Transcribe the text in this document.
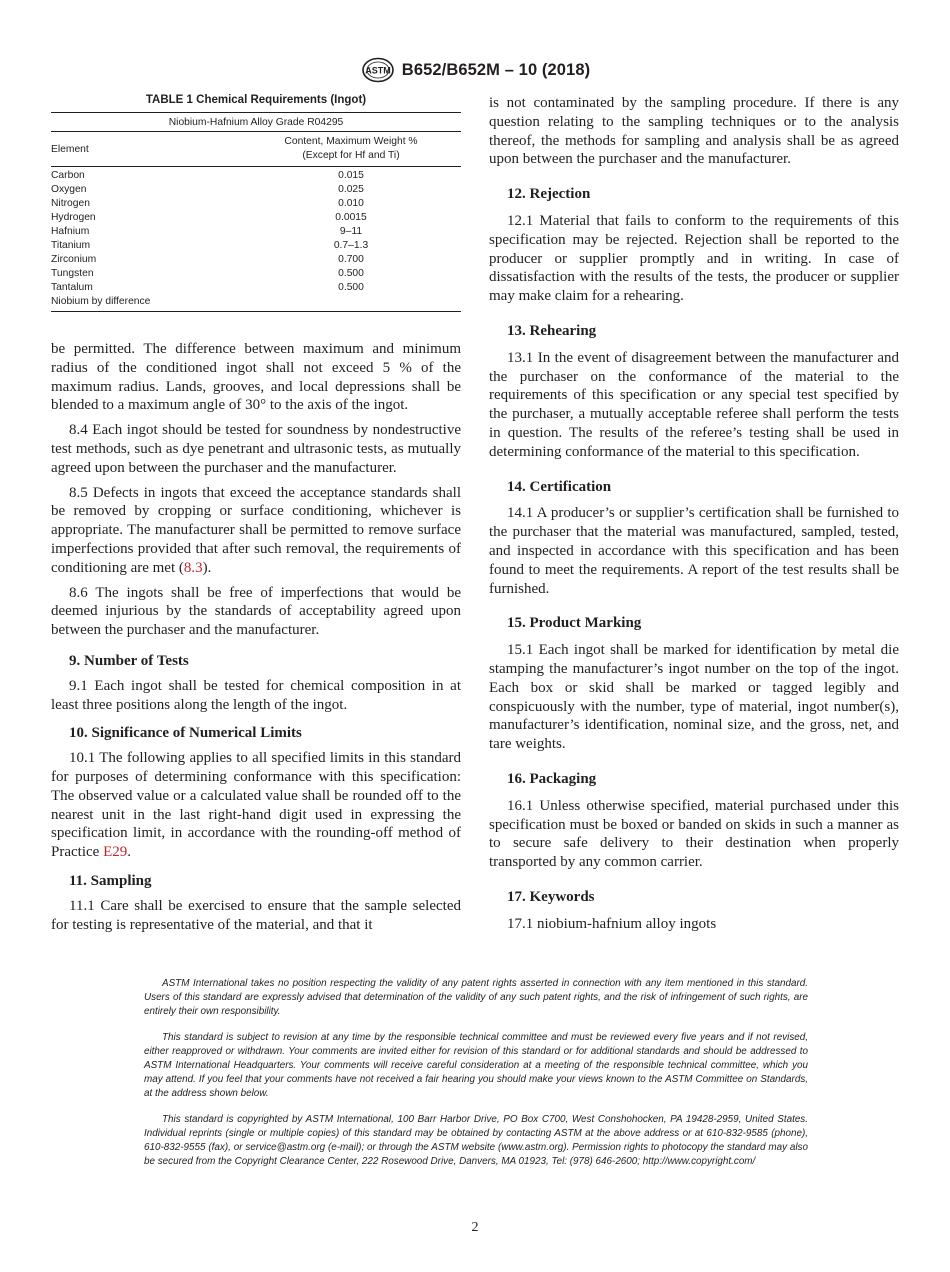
ASTM B652/B652M – 10 (2018)
TABLE 1 Chemical Requirements (Ingot)
Niobium-Hafnium Alloy Grade R04295
Element
Content, Maximum Weight %
(Except for Hf and Ti)
Carbon	0.015
Oxygen	0.025
Nitrogen	0.010
Hydrogen	0.0015
Hafnium	9–11
Titanium	0.7–1.3
Zirconium	0.700
Tungsten	0.500
Tantalum	0.500
Niobium by difference

be permitted. The difference between maximum and minimum radius of the conditioned ingot shall not exceed 5 % of the maximum radius. Lands, grooves, and local depressions shall be blended to a maximum angle of 30° to the axis of the ingot.

8.4 Each ingot should be tested for soundness by nondestructive test methods, such as dye penetrant and ultrasonic tests, as mutually agreed upon between the purchaser and the manufacturer.

8.5 Defects in ingots that exceed the acceptance standards shall be removed by cropping or surface conditioning, whichever is appropriate. The manufacturer shall be permitted to remove surface imperfections provided that after such removal, the requirements of conditioning are met (8.3).

8.6 The ingots shall be free of imperfections that would be deemed injurious by the standards of acceptability agreed upon between the purchaser and the manufacturer.

9. Number of Tests

9.1 Each ingot shall be tested for chemical composition in at least three positions along the length of the ingot.

10. Significance of Numerical Limits

10.1 The following applies to all specified limits in this standard for purposes of determining conformance with this specification: The observed value or a calculated value shall be rounded off to the nearest unit in the last right-hand digit used in expressing the specification limit, in accordance with the rounding-off method of Practice E29.

11. Sampling

11.1 Care shall be exercised to ensure that the sample selected for testing is representative of the material, and that it

is not contaminated by the sampling procedure. If there is any question relating to the sampling techniques or to the analysis thereof, the methods for sampling and analysis shall be as agreed upon between the purchaser and the manufacturer.

12. Rejection

12.1 Material that fails to conform to the requirements of this specification may be rejected. Rejection shall be reported to the producer or supplier promptly and in writing. In case of dissatisfaction with the results of the tests, the producer or supplier may make claim for a rehearing.

13. Rehearing

13.1 In the event of disagreement between the manufacturer and the purchaser on the conformance of the material to the requirements of this specification or any special test specified by the purchaser, a mutually acceptable referee shall perform the tests in question. The results of the referee’s testing shall be used in determining conformance of the material to this specification.

14. Certification

14.1 A producer’s or supplier’s certification shall be furnished to the purchaser that the material was manufactured, sampled, tested, and inspected in accordance with this specification and has been found to meet the requirements. A report of the test results shall be furnished.

15. Product Marking

15.1 Each ingot shall be marked for identification by metal die stamping the manufacturer’s ingot number on the top of the ingot. Each box or skid shall be marked or tagged legibly and conspicuously with the number, type of material, ingot number(s), manufacturer’s identification, nominal size, and the gross, net, and tare weights.

16. Packaging

16.1 Unless otherwise specified, material purchased under this specification must be boxed or banded on skids in such a manner as to secure safe delivery to their destination when properly transported by any common carrier.

17. Keywords

17.1 niobium-hafnium alloy ingots

ASTM International takes no position respecting the validity of any patent rights asserted in connection with any item mentioned in this standard. Users of this standard are expressly advised that determination of the validity of any such patent rights, and the risk of infringement of such rights, are entirely their own responsibility.

This standard is subject to revision at any time by the responsible technical committee and must be reviewed every five years and if not revised, either reapproved or withdrawn. Your comments are invited either for revision of this standard or for additional standards and should be addressed to ASTM International Headquarters. Your comments will receive careful consideration at a meeting of the responsible technical committee, which you may attend. If you feel that your comments have not received a fair hearing you should make your views known to the ASTM Committee on Standards, at the address shown below.

This standard is copyrighted by ASTM International, 100 Barr Harbor Drive, PO Box C700, West Conshohocken, PA 19428-2959, United States. Individual reprints (single or multiple copies) of this standard may be obtained by contacting ASTM at the above address or at 610-832-9585 (phone), 610-832-9555 (fax), or service@astm.org (e-mail); or through the ASTM website (www.astm.org). Permission rights to photocopy the standard may also be secured from the Copyright Clearance Center, 222 Rosewood Drive, Danvers, MA 01923, Tel: (978) 646-2600; http://www.copyright.com/

2
